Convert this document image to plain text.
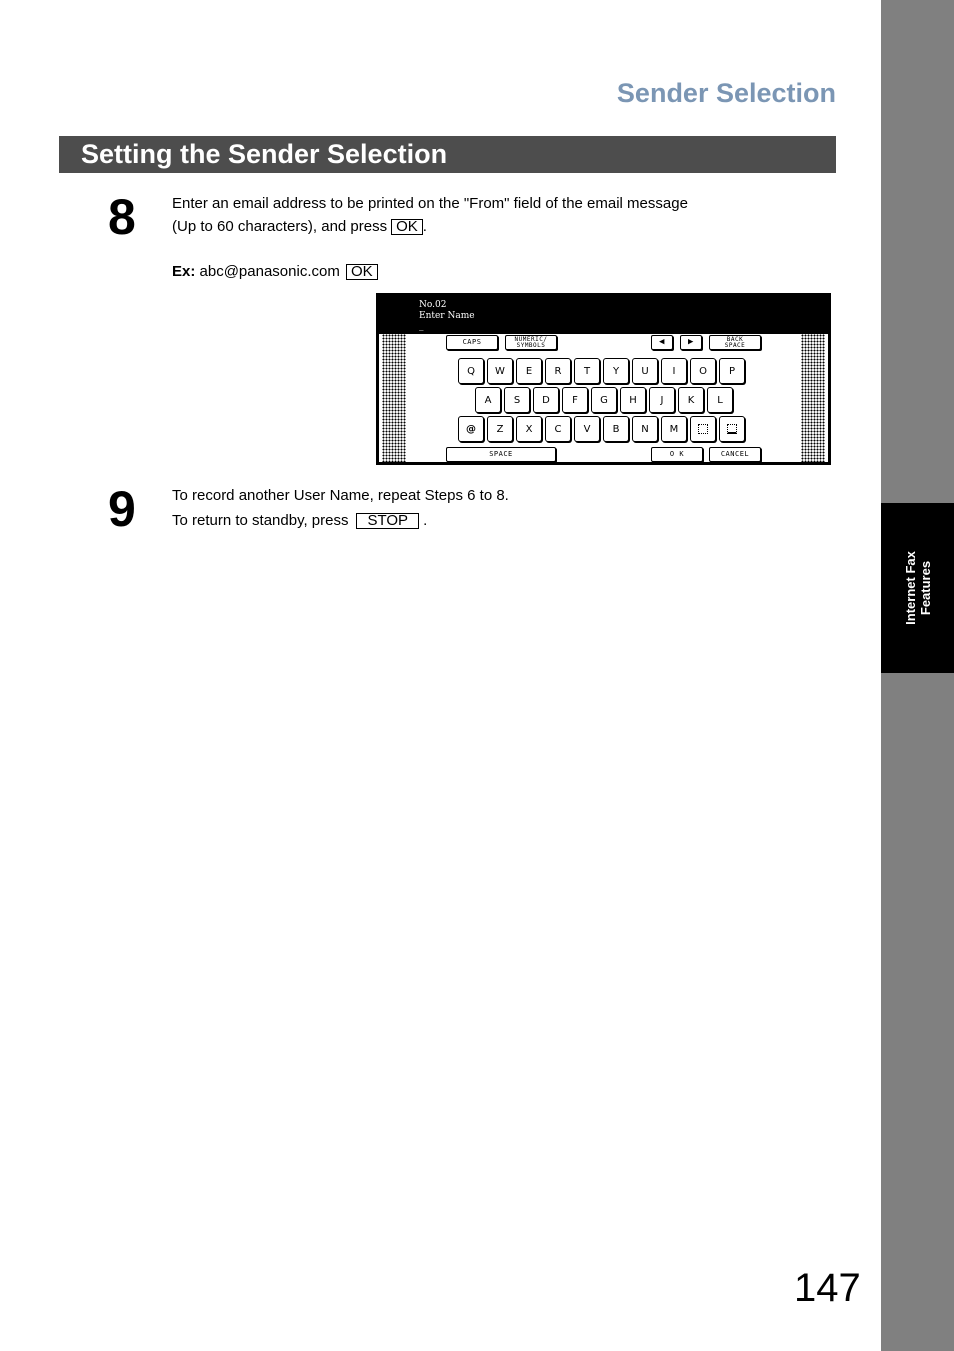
Internet Fax Features
Sender Selection
Setting the Sender Selection
8 Enter an email address to be printed on the "From" field of the email message
(Up to 60 characters), and press OK .
Ex: abc@panasonic.com OK
No.02
Enter Name
_
CAPS	NUMERIC/
SYMBOLS	◀	▶	BACK
SPACE
Q	W	E	R	T	Y	U	I	O	P
A	S	D	F	G	H	J	K	L
@	Z	X	C	V	B	N	M
SPACE	O K	CANCEL
9 To record another User Name, repeat Steps 6 to 8.
To return to standby, press STOP .
147
